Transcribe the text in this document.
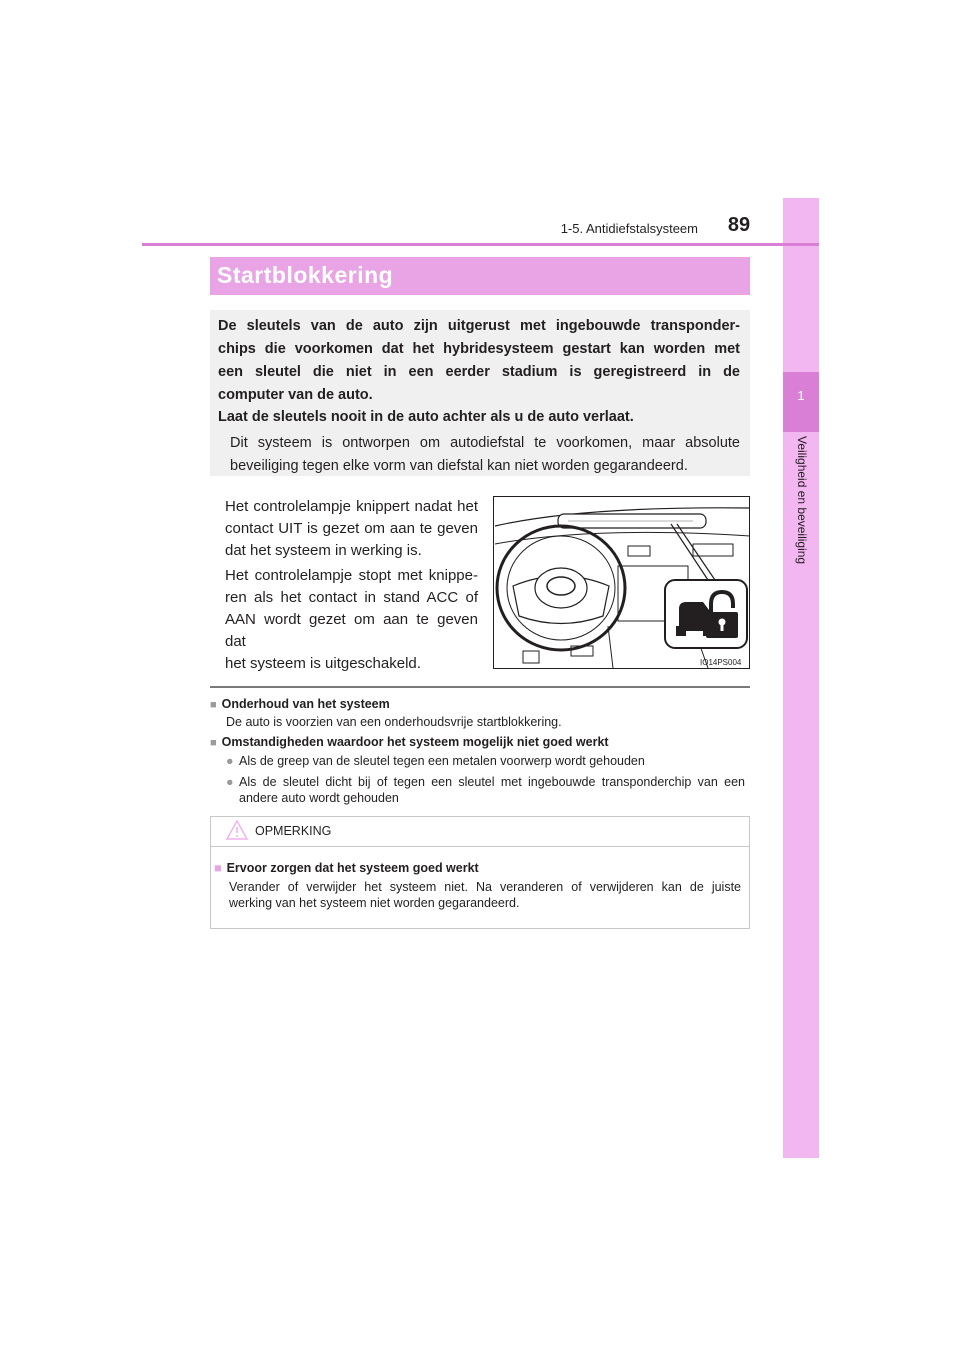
1
Veiligheid en beveiliging
1-5. Antidiefstalsysteem	89
Startblokkering
De sleutels van de auto zijn uitgerust met ingebouwde transponder-
chips die voorkomen dat het hybridesysteem gestart kan worden met
een sleutel die niet in een eerder stadium is geregistreerd in de
computer van de auto.
Laat de sleutels nooit in de auto achter als u de auto verlaat.
Dit systeem is ontworpen om autodiefstal te voorkomen, maar absolute
beveiliging tegen elke vorm van diefstal kan niet worden gegarandeerd.
Het controlelampje knippert nadat het
contact UIT is gezet om aan te geven
dat het systeem in werking is.
Het controlelampje stopt met knippe-
ren als het contact in stand ACC of
AAN wordt gezet om aan te geven dat
het systeem is uitgeschakeld.	IO14PS004
■ Onderhoud van het systeem
De auto is voorzien van een onderhoudsvrije startblokkering.
■ Omstandigheden waardoor het systeem mogelijk niet goed werkt
● Als de greep van de sleutel tegen een metalen voorwerp wordt gehouden
● Als de sleutel dicht bij of tegen een sleutel met ingebouwde transponderchip van een
andere auto wordt gehouden
OPMERKING
■ Ervoor zorgen dat het systeem goed werkt
Verander of verwijder het systeem niet. Na veranderen of verwijderen kan de juiste
werking van het systeem niet worden gegarandeerd.
